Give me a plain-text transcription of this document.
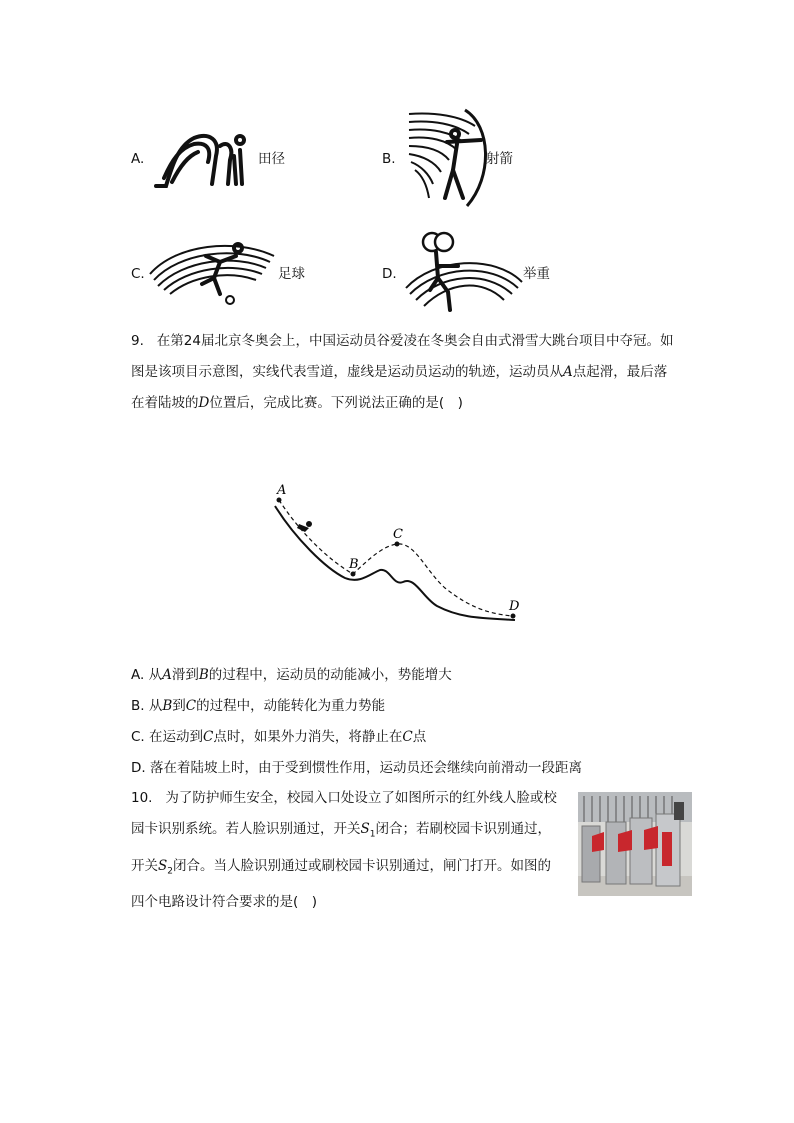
A.	田径	B.	射箭
C.	足球	D.	举重
9. 在第24届北京冬奥会上，中国运动员谷爱凌在冬奥会自由式滑雪大跳台项目中夺冠。如
图是该项目示意图，实线代表雪道，虚线是运动员运动的轨迹，运动员从A点起滑，最后落
在着陆坡的D位置后，完成比赛。下列说法正确的是(　)
A
B
C
D
A. 从A滑到B的过程中，运动员的动能减小，势能增大
B. 从B到C的过程中，动能转化为重力势能
C. 在运动到C点时，如果外力消失，将静止在C点
D. 落在着陆坡上时，由于受到惯性作用，运动员还会继续向前滑动一段距离
10. 为了防护师生安全，校园入口处设立了如图所示的红外线人脸或校
园卡识别系统。若人脸识别通过，开关$S_1$闭合；若刷校园卡识别通过，
开关$S_2$闭合。当人脸识别通过或刷校园卡识别通过，闸门打开。如图的
四个电路设计符合要求的是(　)
